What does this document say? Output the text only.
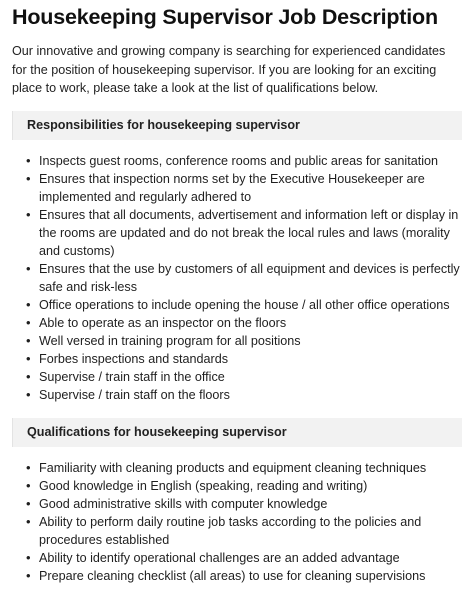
Housekeeping Supervisor Job Description

Our innovative and growing company is searching for experienced candidates for the position of housekeeping supervisor. If you are looking for an exciting place to work, please take a look at the list of qualifications below.

Responsibilities for housekeeping supervisor
• Inspects guest rooms, conference rooms and public areas for sanitation
• Ensures that inspection norms set by the Executive Housekeeper are implemented and regularly adhered to
• Ensures that all documents, advertisement and information left or display in the rooms are updated and do not break the local rules and laws (morality and customs)
• Ensures that the use by customers of all equipment and devices is perfectly safe and risk-less
• Office operations to include opening the house / all other office operations
• Able to operate as an inspector on the floors
• Well versed in training program for all positions
• Forbes inspections and standards
• Supervise / train staff in the office
• Supervise / train staff on the floors
Qualifications for housekeeping supervisor
• Familiarity with cleaning products and equipment cleaning techniques
• Good knowledge in English (speaking, reading and writing)
• Good administrative skills with computer knowledge
• Ability to perform daily routine job tasks according to the policies and procedures established
• Ability to identify operational challenges are an added advantage
• Prepare cleaning checklist (all areas) to use for cleaning supervisions
